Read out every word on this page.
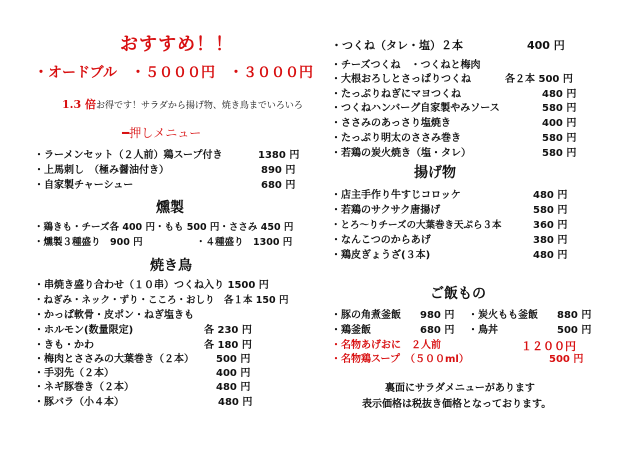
おすすめ！！
・オードブル　・５０００円　・３０００円
1.3 倍お得です！サラダから揚げ物、焼き鳥までいろいろ
━押しメニュー
・ラーメンセット（２人前）鶏スープ付き	1380 円
・上馬刺し　（極み醤油付き）	890 円
・自家製チャーシュー	680 円
燻製
・鶏きも・チーズ各 400 円・もも 500 円・ささみ 450 円
・燻製３種盛り　900 円	・４種盛り　1300 円
焼き鳥
・串焼き盛り合わせ（１０串）つくね入り 1500 円
・ねぎみ・ネック・ずり・こころ・おしり　各１本 150 円
・かっぱ軟骨・皮ポン・ねぎ塩きも
・ホルモン(数量限定)	各 230 円
・きも・かわ	各 180 円
・梅肉とささみの大葉巻き（２本） 500 円
・手羽先（２本）	400 円
・ネギ豚巻き（２本）	480 円
・豚バラ（小４本）	480 円
・つくね（タレ・塩）２本	400 円
・チーズつくね　・つくねと梅肉
・大根おろしとさっぱりつくね	各２本 500 円
・たっぷりねぎにマヨつくね	480 円
・つくねハンバーグ自家製やみソース	580 円
・ささみのあっさり塩焼き	400 円
・たっぷり明太のささみ巻き	580 円
・若鶏の炭火焼き（塩・タレ）	580 円
揚げ物
・店主手作り牛すじコロッケ	480 円
・若鶏のサクサク唐揚げ	580 円
・とろ～りチーズの大葉巻き天ぷら３本	360 円
・なんこつのからあげ	380 円
・鶏皮ぎょうざ(３本)	480 円
ご飯もの
・豚の角煮釜飯 980 円 ・炭火もも釜飯 880 円
・鶏釜飯	680 円 ・鳥丼	500 円
・名物あげおに　２人前	１２００円
・名物鶏スープ　（５００ml）	500 円
裏面にサラダメニューがあります
表示価格は税抜き価格となっております。
